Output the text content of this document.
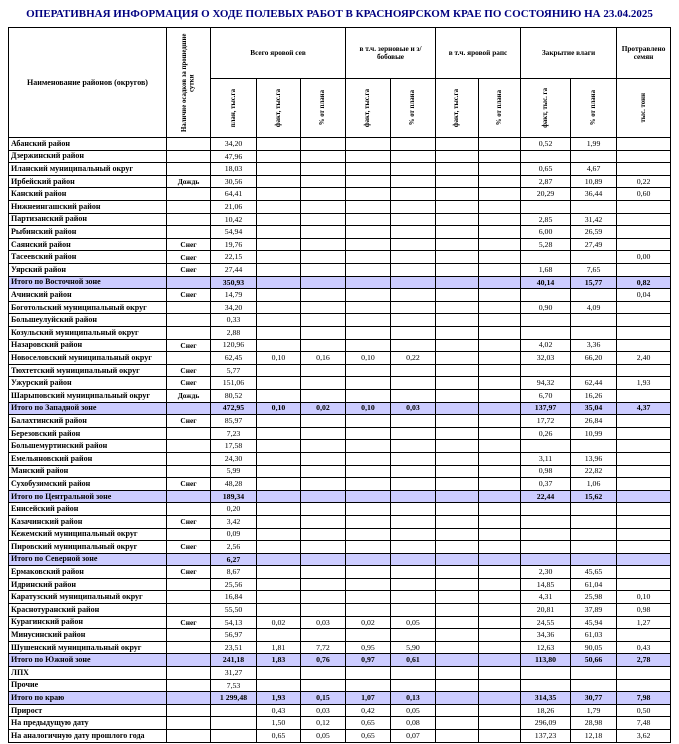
ОПЕРАТИВНАЯ ИНФОРМАЦИЯ О ХОДЕ ПОЛЕВЫХ РАБОТ В КРАСНОЯРСКОМ КРАЕ ПО СОСТОЯНИЮ НА 23.04.2025
Наименование районов (округов)	Наличие осадков за прошедшие сутки	Всего яровой сев			в т.ч. зерновые и з/бобовые		в т.ч. яровой рапс		Закрытие влаги		Протравлено семян

		план, тыс.га	факт, тыс.га	% от плана	факт, тыс.га	% от плана	факт, тыс.га	% от плана	факт, тыс. га	% от плана	тыс. тонн

Абанский район		34,20							0,52	1,99	
Дзержинский район		47,96									
Иланский муниципальный округ		18,03							0,65	4,67	
Ирбейский район	Дождь	30,56							2,87	10,89	0,22
Канский район		64,41							20,29	36,44	0,60
Нижнеингашский район		21,06									
Партизанский район		10,42							2,85	31,42	
Рыбинский район		54,94							6,00	26,59	
Саянский район	Снег	19,76							5,28	27,49	
Тасеевский район	Снег	22,15									0,00
Уярский район	Снег	27,44							1,68	7,65	
Итого по Восточной зоне		350,93							40,14	15,77	0,82
Ачинский район	Снег	14,79									0,04
Боготольский муниципальный округ		34,20							0,90	4,09	
Большеулуйский район		0,33									
Козульский муниципальный округ		2,88									
Назаровский район	Снег	120,96							4,02	3,36	
Новоселовский муниципальный округ		62,45	0,10	0,16	0,10	0,22			32,03	66,20	2,40
Тюхтетский муниципальный округ	Снег	5,77									
Ужурский район	Снег	151,06							94,32	62,44	1,93
Шарыповский муниципальный округ	Дождь	80,52							6,70	16,26	
Итого по Западной зоне		472,95	0,10	0,02	0,10	0,03			137,97	35,04	4,37
Балахтинский район	Снег	85,97							17,72	26,84	
Березовский район		7,23							0,26	10,99	
Большемуртинский район		17,58									
Емельяновский район		24,30							3,11	13,96	
Манский район		5,99							0,98	22,82	
Сухобузимский район	Снег	48,28							0,37	1,06	
Итого по Центральной зоне		189,34							22,44	15,62	
Енисейский район		0,20									
Казачинский район	Снег	3,42									
Кежемский муниципальный округ		0,09									
Пировский муниципальный округ	Снег	2,56									
Итого по Северной зоне		6,27									
Ермаковский район	Снег	8,67							2,30	45,65	
Идринский район		25,56							14,85	61,04	
Каратузский муниципальный округ		16,84							4,31	25,98	0,10
Краснотуранский район		55,50							20,81	37,89	0,98
Курагинский район	Снег	54,13	0,02	0,03	0,02	0,05			24,55	45,94	1,27
Минусинский район		56,97							34,36	61,03	
Шушенский муниципальный округ		23,51	1,81	7,72	0,95	5,90			12,63	90,05	0,43
Итого по Южной зоне		241,18	1,83	0,76	0,97	0,61			113,80	50,66	2,78
ЛПХ		31,27									
Прочие		7,53									
Итого по краю		1 299,48	1,93	0,15	1,07	0,13			314,35	30,77	7,98
Прирост			0,43	0,03	0,42	0,05			18,26	1,79	0,50
На предыдущую дату			1,50	0,12	0,65	0,08			296,09	28,98	7,48
На аналогичную дату прошлого года			0,65	0,05	0,65	0,07			137,23	12,18	3,62
